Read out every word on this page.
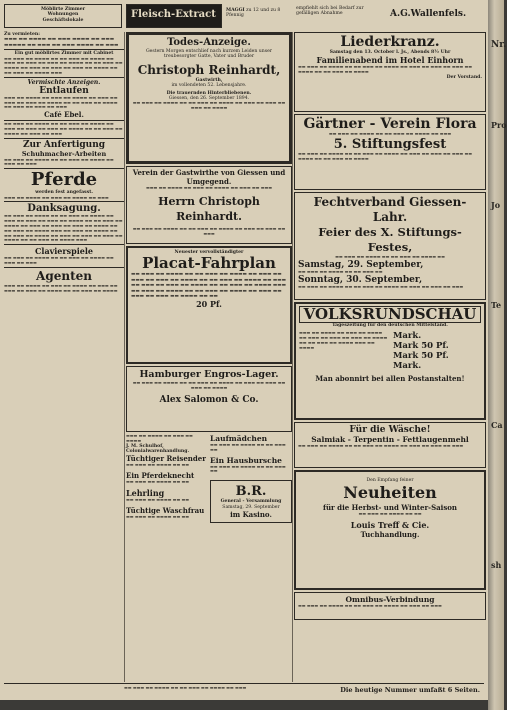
Möblirte Zimmer
Wohnungen
Geschäftslokale
Fleisch-Extract MAGGI zu 12 und zu 8 Pfennig
empfiehlt sich bei Bedarf zur gefälligen Abnahme	A.G.Wallenfels.
Zu vermieten:
▬▬▬ ▬▬ ▬▬▬▬ ▬▬ ▬▬▬ ▬▬▬▬ ▬▬ ▬▬▬ ▬▬▬▬▬ ▬▬ ▬▬▬ ▬▬ ▬▬▬ ▬▬▬▬ ▬▬ ▬▬▬
Ein gut möblirtes Zimmer mit Cabinet
▬▬ ▬▬▬ ▬▬ ▬▬▬▬ ▬▬ ▬▬ ▬▬▬ ▬▬ ▬▬▬▬ ▬▬ ▬▬▬ ▬▬ ▬▬▬ ▬▬ ▬▬▬ ▬▬ ▬▬▬▬ ▬▬ ▬▬ ▬▬▬ ▬▬ ▬▬▬▬ ▬▬ ▬▬▬ ▬▬ ▬▬▬ ▬▬ ▬▬▬ ▬▬ ▬▬▬▬ ▬▬ ▬▬ ▬▬▬ ▬▬ ▬▬▬▬ ▬▬▬
Vermischte Anzeigen.
Entlaufen
▬▬▬ ▬▬ ▬▬▬▬ ▬▬ ▬▬▬ ▬▬ ▬▬▬▬ ▬▬ ▬▬▬ ▬▬ ▬▬▬ ▬▬ ▬▬▬ ▬▬ ▬▬▬▬ ▬▬ ▬▬ ▬▬▬ ▬▬ ▬▬▬▬ ▬▬ ▬▬▬ ▬▬ ▬▬▬ ▬▬ ▬▬▬
Café Ebel.
▬▬ ▬▬▬ ▬▬ ▬▬▬▬ ▬▬ ▬▬ ▬▬▬ ▬▬ ▬▬▬▬ ▬▬ ▬▬▬ ▬▬ ▬▬▬ ▬▬ ▬▬▬ ▬▬ ▬▬▬▬ ▬▬ ▬▬ ▬▬▬ ▬▬ ▬▬▬▬ ▬▬ ▬▬▬ ▬▬ ▬▬▬
Zur Anfertigung
Schuhmacher-Arbeiten
▬▬ ▬▬▬ ▬▬ ▬▬▬▬ ▬▬ ▬▬ ▬▬▬ ▬▬ ▬▬▬▬ ▬▬ ▬▬▬ ▬▬ ▬▬▬
Pferde
werden fest angefasst.
▬▬▬ ▬▬ ▬▬▬▬ ▬▬ ▬▬▬ ▬▬ ▬▬▬▬ ▬▬ ▬▬▬
Danksagung.
▬▬ ▬▬▬ ▬▬ ▬▬▬▬ ▬▬ ▬▬ ▬▬▬ ▬▬ ▬▬▬▬ ▬▬ ▬▬▬ ▬▬ ▬▬▬ ▬▬ ▬▬▬ ▬▬ ▬▬▬▬ ▬▬ ▬▬ ▬▬▬ ▬▬ ▬▬▬▬ ▬▬ ▬▬▬ ▬▬ ▬▬▬ ▬▬ ▬▬▬ ▬▬ ▬▬▬▬ ▬▬ ▬▬ ▬▬▬ ▬▬ ▬▬▬▬ ▬▬▬ ▬▬ ▬▬▬ ▬▬ ▬▬▬▬ ▬▬ ▬▬ ▬▬▬ ▬▬ ▬▬▬▬ ▬▬ ▬▬▬ ▬▬ ▬▬▬ ▬▬ ▬▬▬ ▬▬ ▬▬▬▬ ▬▬ ▬▬ ▬▬▬ ▬▬ ▬▬▬▬ ▬▬▬
Clavierspiele
▬▬ ▬▬▬ ▬▬ ▬▬▬▬ ▬▬ ▬▬ ▬▬▬ ▬▬ ▬▬▬▬ ▬▬ ▬▬▬ ▬▬ ▬▬▬
Agenten
▬▬▬ ▬▬ ▬▬▬▬ ▬▬ ▬▬▬ ▬▬ ▬▬▬▬ ▬▬ ▬▬▬ ▬▬ ▬▬▬ ▬▬ ▬▬▬ ▬▬ ▬▬▬▬ ▬▬ ▬▬ ▬▬▬ ▬▬ ▬▬▬▬
Todes-Anzeige.
Gestern Morgen entschlief nach kurzem Leiden unser treubesorgter Gatte, Vater und Bruder
Christoph Reinhardt,
Gastwirth,
im vollendeten 52. Lebensjahre.
Die trauernden Hinterbliebenen.
Giessen, den 26. September 1894.
▬▬ ▬▬▬ ▬▬ ▬▬▬▬ ▬▬ ▬▬ ▬▬▬ ▬▬ ▬▬▬▬ ▬▬ ▬▬▬ ▬▬ ▬▬▬ ▬▬ ▬▬▬ ▬▬ ▬▬▬▬
Verein der Gastwirthe von Giessen und Umgegend.
▬▬▬ ▬▬ ▬▬▬▬ ▬▬ ▬▬▬ ▬▬ ▬▬▬▬ ▬▬ ▬▬▬ ▬▬ ▬▬▬
Herrn Christoph Reinhardt.
▬▬ ▬▬▬ ▬▬ ▬▬▬▬ ▬▬ ▬▬ ▬▬▬ ▬▬ ▬▬▬▬ ▬▬ ▬▬▬ ▬▬ ▬▬▬ ▬▬ ▬▬▬
Neuester vervollständigter
Placat-Fahrplan
▬▬ ▬▬▬ ▬▬ ▬▬▬▬ ▬▬ ▬▬ ▬▬▬ ▬▬ ▬▬▬▬ ▬▬ ▬▬▬ ▬▬ ▬▬▬ ▬▬ ▬▬▬ ▬▬ ▬▬▬▬ ▬▬ ▬▬ ▬▬▬ ▬▬ ▬▬▬▬ ▬▬ ▬▬▬ ▬▬ ▬▬▬ ▬▬ ▬▬▬ ▬▬ ▬▬▬▬ ▬▬ ▬▬ ▬▬▬ ▬▬ ▬▬▬▬ ▬▬▬ ▬▬ ▬▬▬ ▬▬ ▬▬▬▬ ▬▬ ▬▬ ▬▬▬ ▬▬ ▬▬▬▬ ▬▬ ▬▬▬ ▬▬ ▬▬▬ ▬▬ ▬▬▬ ▬▬ ▬▬▬▬ ▬▬ ▬▬
20 Pf.
Hamburger Engros-Lager.
▬▬ ▬▬▬ ▬▬ ▬▬▬▬ ▬▬ ▬▬ ▬▬▬ ▬▬ ▬▬▬▬ ▬▬ ▬▬▬ ▬▬ ▬▬▬ ▬▬ ▬▬▬ ▬▬ ▬▬▬▬
Alex Salomon & Co.
▬▬▬ ▬▬ ▬▬▬▬ ▬▬ ▬▬▬ ▬▬ ▬▬▬▬
J. M. Schulhof, Colonialwarenhandlung.
Tüchtiger Reisender
▬▬ ▬▬▬ ▬▬ ▬▬▬▬ ▬▬ ▬▬
Ein Pferdeknecht
▬▬ ▬▬▬ ▬▬ ▬▬▬▬ ▬▬ ▬▬
Lehrling
▬▬ ▬▬▬ ▬▬ ▬▬▬▬ ▬▬ ▬▬
Tüchtige Waschfrau
▬▬ ▬▬▬ ▬▬ ▬▬▬▬ ▬▬ ▬▬
Laufmädchen
▬▬ ▬▬▬ ▬▬ ▬▬▬▬ ▬▬ ▬▬ ▬▬▬ ▬▬
Ein Hausbursche
▬▬ ▬▬▬ ▬▬ ▬▬▬▬ ▬▬ ▬▬ ▬▬▬ ▬▬
B.R.
General - Versammlung
Samstag, 29. September
im Kasino.
Liederkranz.
Samstag den 13. October l. Js., Abends 8½ Uhr
Familienabend im Hotel Einhorn
▬▬ ▬▬▬ ▬▬ ▬▬▬▬ ▬▬ ▬▬ ▬▬▬ ▬▬ ▬▬▬▬ ▬▬ ▬▬▬ ▬▬ ▬▬▬ ▬▬ ▬▬▬ ▬▬ ▬▬▬▬ ▬▬ ▬▬ ▬▬▬ ▬▬ ▬▬▬▬
Der Vorstand.
Gärtner - Verein Flora
▬▬ ▬▬▬ ▬▬ ▬▬▬▬ ▬▬ ▬▬ ▬▬▬ ▬▬ ▬▬▬▬ ▬▬ ▬▬▬
5. Stiftungsfest
▬▬ ▬▬▬ ▬▬ ▬▬▬▬ ▬▬ ▬▬ ▬▬▬ ▬▬ ▬▬▬▬ ▬▬ ▬▬▬ ▬▬ ▬▬▬ ▬▬ ▬▬▬ ▬▬ ▬▬▬▬ ▬▬ ▬▬ ▬▬▬ ▬▬ ▬▬▬▬
Fechtverband Giessen-Lahr.
Feier des X. Stiftungs-Festes,
▬▬ ▬▬▬ ▬▬ ▬▬▬▬ ▬▬ ▬▬ ▬▬▬ ▬▬ ▬▬▬▬ ▬▬
Samstag, 29. September,
▬▬ ▬▬▬ ▬▬ ▬▬▬▬ ▬▬ ▬▬ ▬▬▬ ▬▬
Sonntag, 30. September,
▬▬ ▬▬▬ ▬▬ ▬▬▬▬ ▬▬ ▬▬ ▬▬▬ ▬▬ ▬▬▬▬ ▬▬ ▬▬▬ ▬▬ ▬▬▬ ▬▬ ▬▬▬
VOLKSRUNDSCHAU
Tageszeitung für den deutschen Mittelstand.
▬▬▬ ▬▬ ▬▬▬▬ ▬▬ ▬▬▬ ▬▬ ▬▬▬▬ ▬▬ ▬▬▬ ▬▬ ▬▬▬ ▬▬ ▬▬▬ ▬▬ ▬▬▬▬ ▬▬ ▬▬ ▬▬▬ ▬▬ ▬▬▬▬ ▬▬▬ ▬▬ ▬▬▬▬
Mark.
Mark 50 Pf.
Mark 50 Pf.
Mark.
Man abonnirt bei allen Postanstalten!
Für die Wäsche!
Salmiak - Terpentin - Fettlaugenmehl
▬▬ ▬▬▬ ▬▬ ▬▬▬▬ ▬▬ ▬▬ ▬▬▬ ▬▬ ▬▬▬▬ ▬▬ ▬▬▬ ▬▬ ▬▬▬ ▬▬ ▬▬▬
Den Empfang feiner
Neuheiten
für die Herbst- und Winter-Saison
▬▬ ▬▬▬ ▬▬ ▬▬▬▬ ▬▬ ▬▬
Louis Treff & Cie.
Tuchhandlung.
Omnibus-Verbindung
▬▬ ▬▬▬ ▬▬ ▬▬▬▬ ▬▬ ▬▬ ▬▬▬ ▬▬ ▬▬▬▬ ▬▬ ▬▬▬ ▬▬ ▬▬▬
▬▬ ▬▬▬ ▬▬ ▬▬▬▬ ▬▬ ▬▬ ▬▬▬ ▬▬ ▬▬▬▬ ▬▬ ▬▬▬	Die heutige Nummer umfaßt 6 Seiten.
Nr.
Pro
Jo
Te
Ca
sh
